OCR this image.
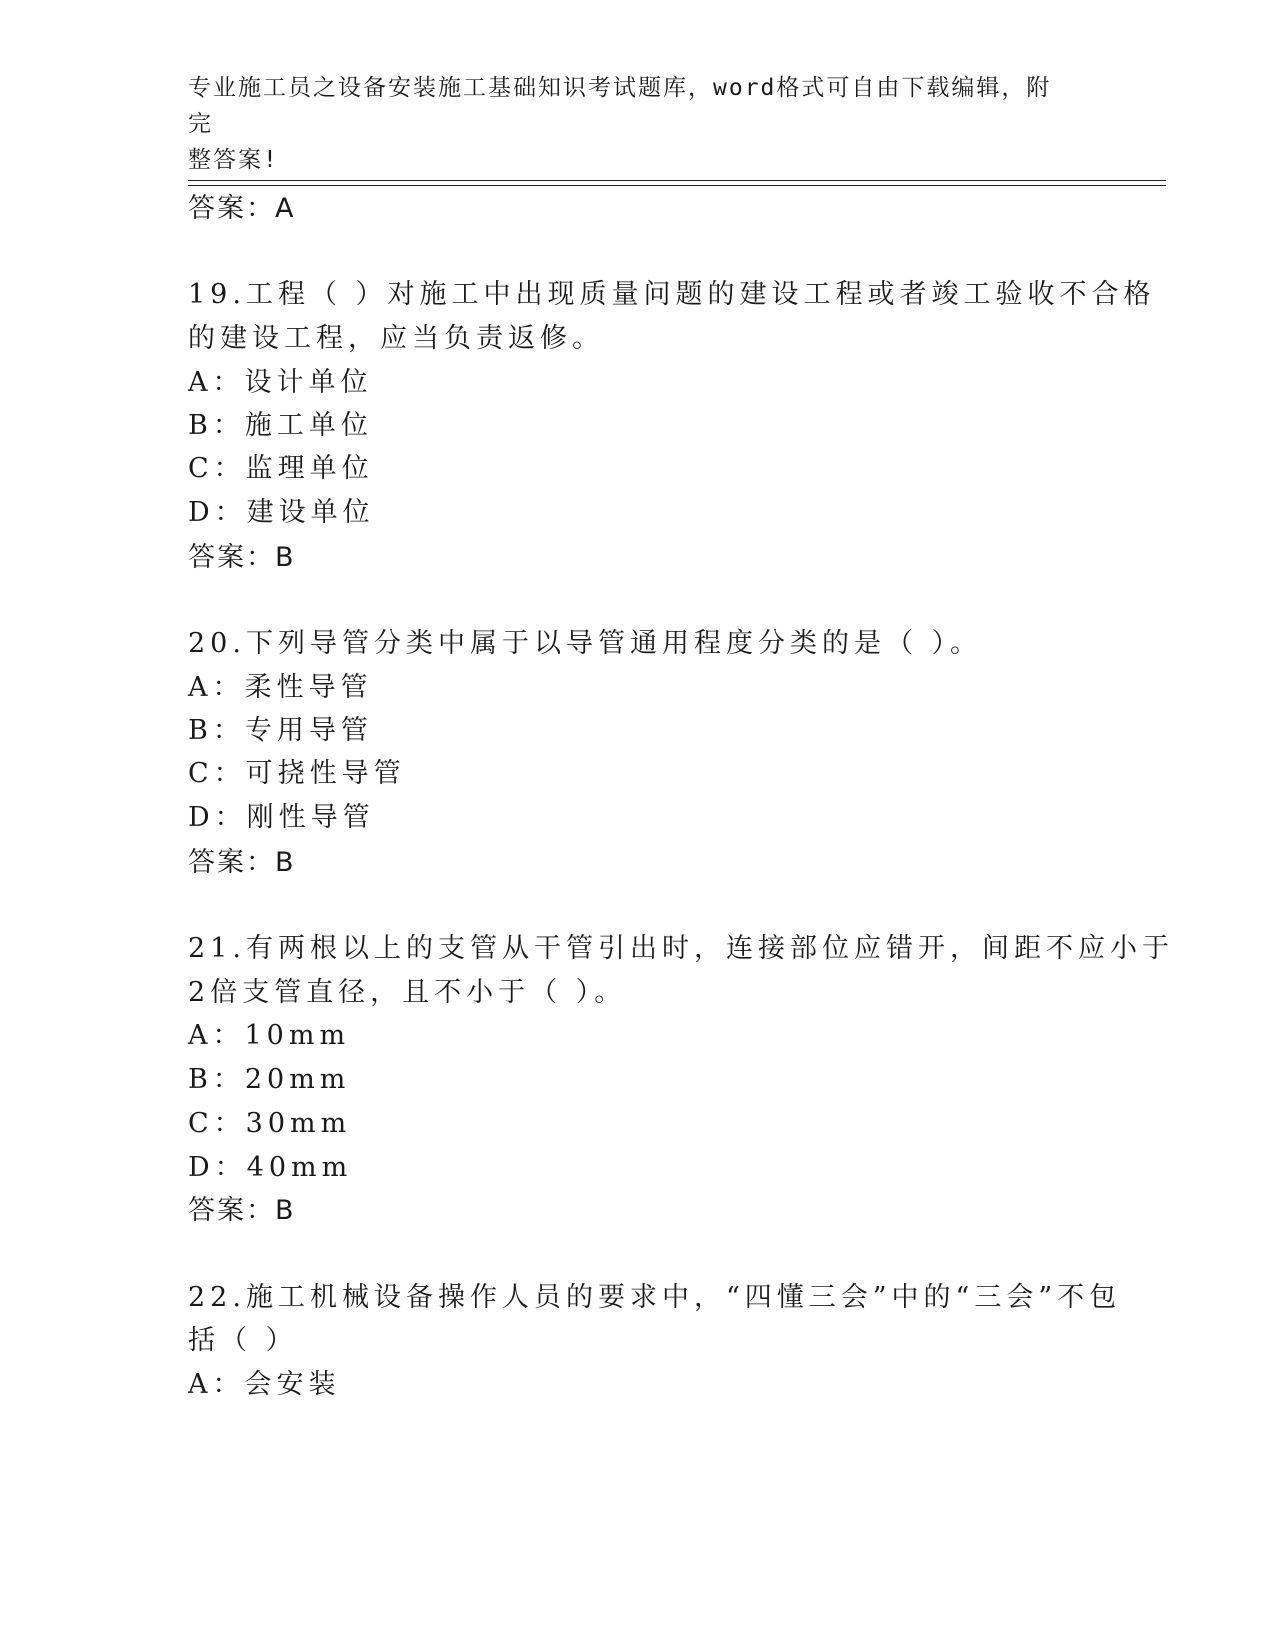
专业施工员之设备安装施工基础知识考试题库，word格式可自由下载编辑，附完
整答案!
答案：A
19.工程（ ）对施工中出现质量问题的建设工程或者竣工验收不合格
的建设工程，应当负责返修。
A：设计单位
B：施工单位
C：监理单位
D：建设单位
答案：B
20.下列导管分类中属于以导管通用程度分类的是（ ）。
A：柔性导管
B：专用导管
C：可挠性导管
D：刚性导管
答案：B
21.有两根以上的支管从干管引出时，连接部位应错开，间距不应小于
2倍支管直径，且不小于（ ）。
A：10mm
B：20mm
C：30mm
D：40mm
答案：B
22.施工机械设备操作人员的要求中，“四懂三会”中的“三会”不包
括（ ）
A：会安装
